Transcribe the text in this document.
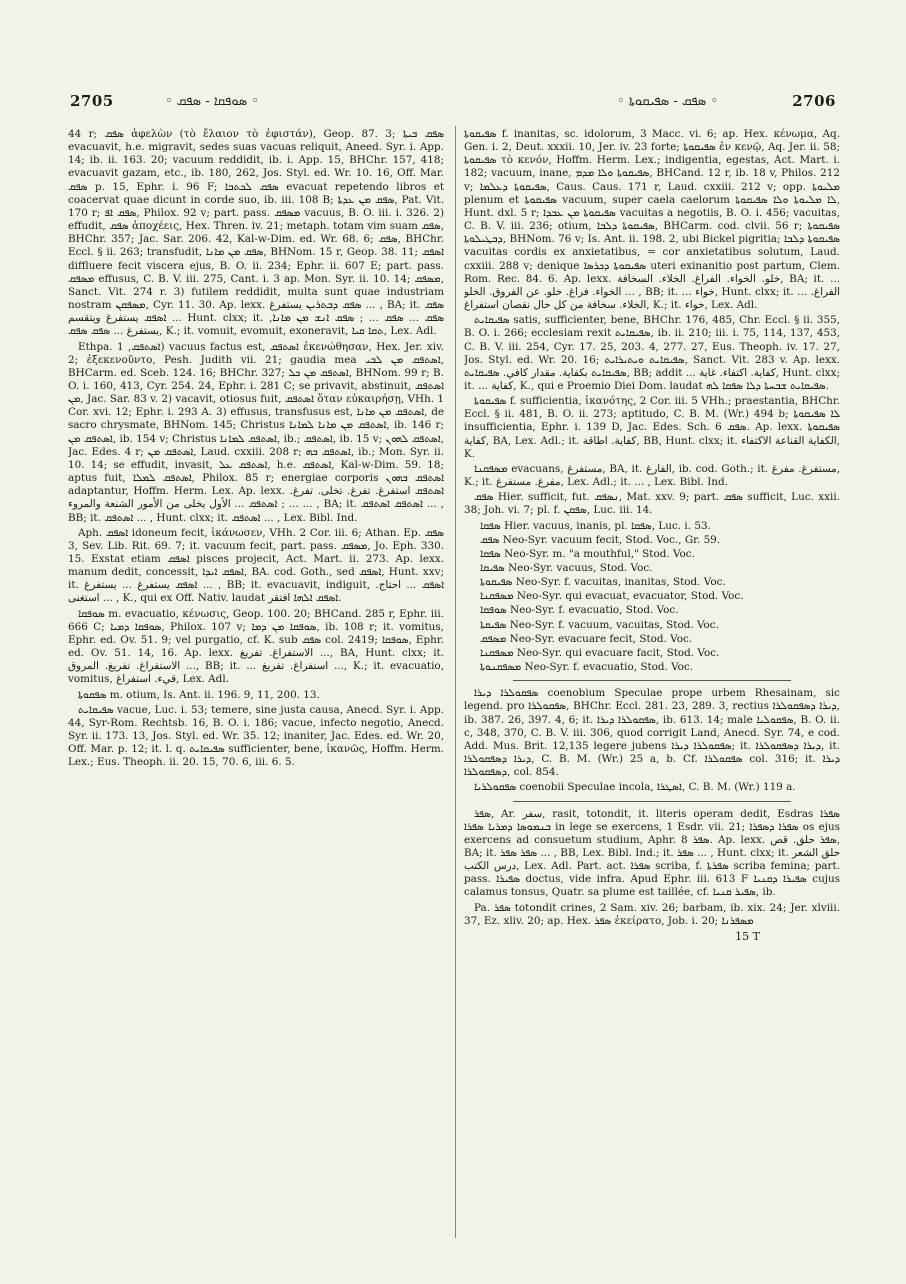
2705	◦ ܣܘܦܩܐ - ܣܦܩ ◦	◦ ܣܦܩ - ܣܦܝܩܘܬܐ ◦	2706

44 r; ܣܦܩ ἀφελὼν (τὸ ἔλαιον τὸ ἐφιστάν), Geop. 87. 3; ܣܦܩ ܒܝܬܐ evacuavit, h.e. migravit, sedes suas vacuas reliquit, Aneed. Syr. i. App. 14; ib. ii. 163. 20; vacuum reddidit, ib. i. App. 15, BHChr. 157, 418; evacuavit gazam, etc., ib. 180, 262, Jos. Styl. ed. Wr. 10. 16, Off. Mar. ܣܦܩ p. 15, Ephr. i. 96 F; ܣܦܩ ܠܟܬܒܐ evacuat repetendo libros et coacervat quae dicunt in corde suo, ib. iii. 108 B; ܣܦܩ ܡܢ ܥܕܬܐ, Pat. Vit. 170 r; ܣܦܩ ܐܦ, Philox. 92 v; part. pass. ܡܣܦܩ vacuus, B. O. iii. i. 326. 2) effudit, ܣܦܩ ἀποχέεις, Hex. Thren. iv. 21; metaph. totam vim suam ܣܦܩ, BHChr. 357; Jac. Sar. 206. 42, Kal-w-Dim. ed. Wr. 68. 6; ܣܦܩ, BHChr. Eccl. § ii. 263; transfudit, ܣܦܩ ܡܢ ܡܐܢܐ, BHNom. 15 r, Geop. 38. 11; ܐܣܦܩ diffluere fecit viscera ejus, B. O. ii. 234; Ephr. ii. 607 E; part. pass. ܡܣܦܩ effusus, C. B. V. iii. 275, Cant. i. 3 ap. Mon. Syr. ii. 10. 14; ܡܣܦܩ, Sanct. Vit. 274 r. 3) futilem reddidit, multa sunt quae industriam nostram ܡܣܦܩܢ, Cyr. 11. 30. Ap. lexx. ܣܦܩ ܕܒܬܪܝܢ يستفرغ ... , BA; it. ܣܦܩ ܐܣܦܩ يستفرغ ويتقسم ... Hunt. clxx; it. ܣܦܩ ... ܣܦܩ ... ; ܣܦܩ ܐܢܫ ܡܢ ܡܐܢܐ, يستفرغ ... ܣܦܩ ܣܦܩ, K.; it. vomuit, evomuit, exoneravit, ܬܩܐ ܩܝܐ, Lex. Adl.

Ethpa. ܐܣܬܦܩ, 1) vacuus factus est, ܐܣܬܦܩ ἐκενώθησαν, Hex. Jer. xiv. 2; ἐξεκενοῦντο, Pesh. Judith vii. 21; gaudia mea ܐܣܬܦܩ ܡܢ ܠܒܝ, BHCarm. ed. Sceb. 124. 16; BHChr. 327; ܐܣܬܦܩ ܡܢ ܟܠ, BHNom. 99 r; B. O. i. 160, 413, Cyr. 254. 24, Ephr. i. 281 C; se privavit, abstinuit, ܐܣܬܦܩ ܡܢ, Jac. Sar. 83 v. 2) vacavit, otiosus fuit, ܐܣܬܦܩ ὅταν εὐκαιρήσῃ, VHh. 1 Cor. xvi. 12; Ephr. i. 293 A. 3) effusus, transfusus est, ܐܣܬܦܩ ܡܢ ܡܐܢܐ, de sacro chrysmate, BHNom. 145; Christus ܐܣܬܦܩ ܡܢ ܡܐܢܐ ܠܡܐܢܐ, ib. 146 r; ܐܣܬܦܩ ܡܢ, ib. 154 v; Christus ܐܣܬܦܩ ܠܡܐܢܐ, ib.; ܐܣܬܦܩ, ib. 15 v; ܐܣܬܦܩ ܠܗܘܢ, Jac. Edes. 4 r; ܐܣܬܦܩ ܡܢ, Laud. cxxiii. 208 r; ܐܣܬܦܩ ܒܗ, ib.; Mon. Syr. ii. 10. 14; se effudit, invasit, ܐܣܬܦܩ ܥܠ, h.e. ܐܣܬܦܩ, Kal-w-Dim. 59. 18; aptus fuit, ܐܣܬܦܩ ܠܡܠܐ, Philox. 85 r; energiae corporis ܐܣܬܦܩ ܒܗܘܢ adaptantur, Hoffm. Herm. Lex. Ap. lexx. ܐܣܬܦܩ استفرغ. تفرغ. تخلى. تفرغ. ... ; ܐܣܬܦܩ ... الأول يخلى من الأمور الشنعة والمروء ... , BA; it. ܐܣܬܦܩ ܐܣܬܦܩ ... , BB; it. ܐܣܬܦܩ ... , Hunt. clxx; it. ܐܣܬܦܩ ... , Lex. Bibl. Ind.

Aph. ܐܣܦܩ idoneum fecit, ἱκάνωσεν, VHh. 2 Cor. iii. 6; Athan. Ep. ܣܦܩ 3, Sev. Lib. Rit. 69. 7; it. vacuum fecit, part. pass. ܡܣܦܩ, Jo. Eph. 330. 15. Exstat etiam ܐܣܦܩ pisces projecit, Act. Mart. ii. 273. Ap. lexx. manum dedit, concessit, ܐܣܦܩ ܐܝܕܐ, BA. cod. Goth., sed ܐܣܦܩ, Hunt. xxv; it. ܐܣܦܩ يستفرغ ... يستفرغ ... , BB; it. evacuavit, indiguit, ܐܣܦܩ ... احتاج. استغنى ... , K., qui ex Off. Nativ. laudat ܐܣܦܩ ܐܠܗܐ افتقر.

ܣܘܦܩܐ m. evacuatio, κένωσις, Geop. 100. 20; BHCand. 285 r, Ephr. iii. 666 C; ܣܘܦܩܐ ܕܡܝܐ, Philox. 107 v; ܣܘܦܩܐ ܡܢ ܕܡܐ, ib. 108 r; it. vomitus, Ephr. ed. Ov. 51. 9; vel purgatio, cf. K. sub ܣܦܩ col. 2419; ܣܘܦܩܐ, Ephr. ed. Ov. 51. 14, 16. Ap. lexx. الاستفراغ. تفريغ ..., BA, Hunt. clxx; it. الاستفراغ. تفريغ. المروق ..., BB; it. ... استفراغ. تفريغ ..., K.; it. evacuatio, vomitus, قيء. استفراغ, Lex. Adl.

ܣܦܩܘܬܐ m. otium, Is. Ant. ii. 196. 9, 11, 200. 13.

ܣܦܝܩܐܝܬ vacue, Luc. i. 53; temere, sine justa causa, Anecd. Syr. i. App. 44, Syr-Rom. Rechtsb. 16, B. O. i. 186; vacue, infecto negotio, Anecd. Syr. ii. 173. 13, Jos. Styl. ed. Wr. 35. 12; inaniter, Jac. Edes. ed. Wr. 20, Off. Mar. p. 12; it. l. q. ܣܦܝܩܐܝܬ sufficienter, bene, ἱκανῶς, Hoffm. Herm. Lex.; Eus. Theoph. ii. 20. 15, 70. 6, iii. 6. 5.

ܣܦܝܩܘܬܐ f. inanitas, sc. idolorum, 3 Macc. vi. 6; ap. Hex. κένωμα, Aq. Gen. i. 2, Deut. xxxii. 10, Jer. iv. 23 forte; ܣܦܝܩܘܬܐ ἐν κενῷ, Aq. Jer. ii. 58; ܣܦܝܩܘܬܐ τὸ κενόν, Hoffm. Herm. Lex.; indigentia, egestas, Act. Mart. i. 182; vacuum, inane, ܣܦܝܩܘܬܐ ܘܠܐ ܡܕܡ, BHCand. 12 r, ib. 18 v, Philos. 212 v; ܣܦܝܩܘܬܐ ܕܥܠܡܐ, Caus. Caus. 171 r, Laud. cxxiii. 212 v; opp. ܡܠܝܘܬܐ plenum et ܣܦܝܩܘܬܐ vacuum, super caela caelorum ܠܐ ܡܠܝܘܬܐ ܘܠܐ ܣܦܝܩܘܬܐ, Hunt. dxl. 5 r; ܣܦܝܩܘܬܐ ܡܢ ܥܒܕܐ vacuitas a negotiis, B. O. i. 456; vacuitas, C. B. V. iii. 236; otium, ܣܦܝܩܘܬܐ ܕܠܒܐ, BHCarm. cod. clvii. 56 r; ܣܦܝܩܘܬܐ ܕܒܛܝܠܘܬܐ, BHNom. 76 v; Is. Ant. ii. 198. 2, ubi Bickel pigritia; ܣܦܝܩܘܬܐ ܕܠܒܐ vacuitas cordis ex anxietatibus, = cor anxietatibus solutum, Laud. cxxiii. 288 v; denique ܣܦܝܩܘܬܐ ܕܟܪܣܐ uteri exinanitio post partum, Clem. Rom. Rec. 84. 6. Ap. lexx. خلو. الخواء. الفراغ. الخلاء. السخافة, BA; it. ... الخواء. فراغ. خلو. عن الفروق. الخلو ... , BB; it. ... خواء, Hunt. clxx; it. ... الفراغ. الخلاء. سخافة من كل حال نقصان استفراغ, K.; it. خواء, Lex. Adl.

ܣܦܝܩܐܝܬ satis, sufficienter, bene, BHChr. 176, 485, Chr. Eccl. § ii. 355, B. O. i. 266; ecclesiam rexit ܣܦܝܩܐܝܬ, ib. ii. 210; iii. i. 75, 114, 137, 453, C. B. V. iii. 254, Cyr. 17. 25, 203. 4, 277. 27, Eus. Theoph. iv. 17. 27, Jos. Styl. ed. Wr. 20. 16; ܣܦܝܩܐܝܬ ܘܝܬܝܪܐܝܬ, Sanct. Vit. 283 v. Ap. lexx. ܣܦܝܩܐܝܬ بكفاية. مقدار كافي. ܣܦܝܩܐܝܬ, BB; addit ... كفاية. اكتفاء. غاية, Hunt. clxx; it. ... كفاية, K., qui e Proemio Diei Dom. laudat ܣܦܝܩܐܝܬ ܫܒܚܬܐ ܕܠܐ ܣܦܩܐ ܠܗ.

ܣܦܝܩܘܬܐ f. sufficientia, ἱκανότης, 2 Cor. iii. 5 VHh.; praestantia, BHChr. Eccl. § ii. 481, B. O. ii. 273; aptitudo, C. B. M. (Wr.) 494 b; ܠܐ ܣܦܝܩܘܬܐ insufficientia, Ephr. i. 139 D, Jac. Edes. Sch. ܣܦܩ 6. Ap. lexx. ܣܦܝܩܘܬܐ كفاية, BA, Lex. Adl.; it. كفاية. اطاقة, BB, Hunt. clxx; it. الكفاية القناعة الاكتفاء, K.

ܡܣܦܩܢܐ evacuans, مستفرغ, BA, it. الفارغ, ib. cod. Goth.; it. مستفرغ. مفرغ, K.; it. مفرغ. مستفرغ, Lex. Adl.; it. ... , Lex. Bibl. Ind.

ܣܦܩ Hier. sufficit, fut. ܢܣܦܩ, Mat. xxv. 9; part. ܣܦܩ sufficit, Luc. xxii. 38; Joh. vi. 7; pl. f. ܣܦܩܢ, Luc. iii. 14.

ܣܦܩܐ Hier. vacuus, inanis, pl. ܣܦܩܐ, Luc. i. 53.

ܣܦܩ Neo-Syr. vacuum fecit, Stod. Voc., Gr. 59.

ܣܦܩܐ Neo-Syr. m. "a mouthful," Stod. Voc.

ܣܦܝܩܐ Neo-Syr. vacuus, Stod. Voc.

ܣܦܝܩܘܬܐ Neo-Syr. f. vacuitas, inanitas, Stod. Voc.

ܡܣܦܩܢܐ Neo-Syr. qui evacuat, evacuator, Stod. Voc.

ܣܘܦܩܐ Neo-Syr. f. evacuatio, Stod. Voc.

ܣܦܝܩܬܐ Neo-Syr. f. vacuum, vacuitas, Stod. Voc.

ܡܣܦܩ Neo-Syr. evacuare fecit, Stod. Voc.

ܡܣܦܩܢܐ Neo-Syr. qui evacuare facit, Stod. Voc.

ܡܣܦܩܢܘܬܐ Neo-Syr. f. evacuatio, Stod. Voc.

ܣܦܩܘܠܪܐ ܕܝܪܐ coenobium Speculae prope urbem Rhesainam, sic legend. pro ܣܦܩܘܠܪܐ, BHChr. Eccl. 281. 23, 289. 3, rectius ܕܝܪܐ ܕܣܦܩܘܠܪܐ, ib. 387. 26, 397. 4, 6; it. ܣܦܩܘܠܪܐ ܕܝܪܐ, ib. 613. 14; male ܣܦܩܘܠܝܐ, B. O. ii. c, 348, 370, C. B. V. iii. 306, quod corrigit Land, Anecd. Syr. 74, e cod. Add. Mus. Brit. 12,135 legere jubens ܣܦܩܘܠܪܐ ܕܝܪܐ; it. ܕܝܪܐ ܕܣܦܩܘܠܪܐ, it. ܕܝܪܐ ܕܣܦܩܘܠܪܐ, C. B. M. (Wr.) 25 a, b. Cf. ܣܦܩܘܠܪܐ col. 316; it. ܕܝܪܐ ܕܣܦܩܘܠܪܐ, col. 854.

ܣܦܩܘܠܪܝܐ coenobii Speculae incola, ܐܣܛܪܐ, C. B. M. (Wr.) 119 a.

ܣܦܪ, Ar. سفر, rasit, totondit, it. literis operam dedit, Esdras ܣܦܪܐ ܒܢܡܘܣܐ ܕܡܪܝܐ ܣܦܪܐ in lege se exercens, 1 Esdr. vii. 21; ܣܦܪܐ ܕܣܦܪܐ os ejus exercens ad consuetum studium, Aphr. ܣܦܪ 8. Ap. lexx. ܣܦܪ حلق. قص, BA; it. ܣܦܪ ܣܦܪ ... , BB, Lex. Bibl. Ind.; it. ܣܦܪ ... , Hunt. clxx; it. حلق الشعر درس الكتب, Lex. Adl. Part. act. ܣܦܪܐ scriba, f. ܣܦܪܬܐ scriba femina; part. pass. ܣܦܝܪܐ doctus, vide infra. Apud Ephr. iii. 613 F ܣܦܝܪܐ ܕܩܢܝܐ cujus calamus tonsus, Quatr. sa plume est taillée, cf. ܣܦܝܪ ܩܢܝܐ, ib.

Pa. ܣܦܪ totondit crines, 2 Sam. xiv. 26; barbam, ib. xix. 24; Jer. xlviii. 37, Ez. xliv. 20; ap. Hex. ܣܦܪ ἐκείρατο, Job. i. 20; ܡܣܦܪܢܐ

15 T
